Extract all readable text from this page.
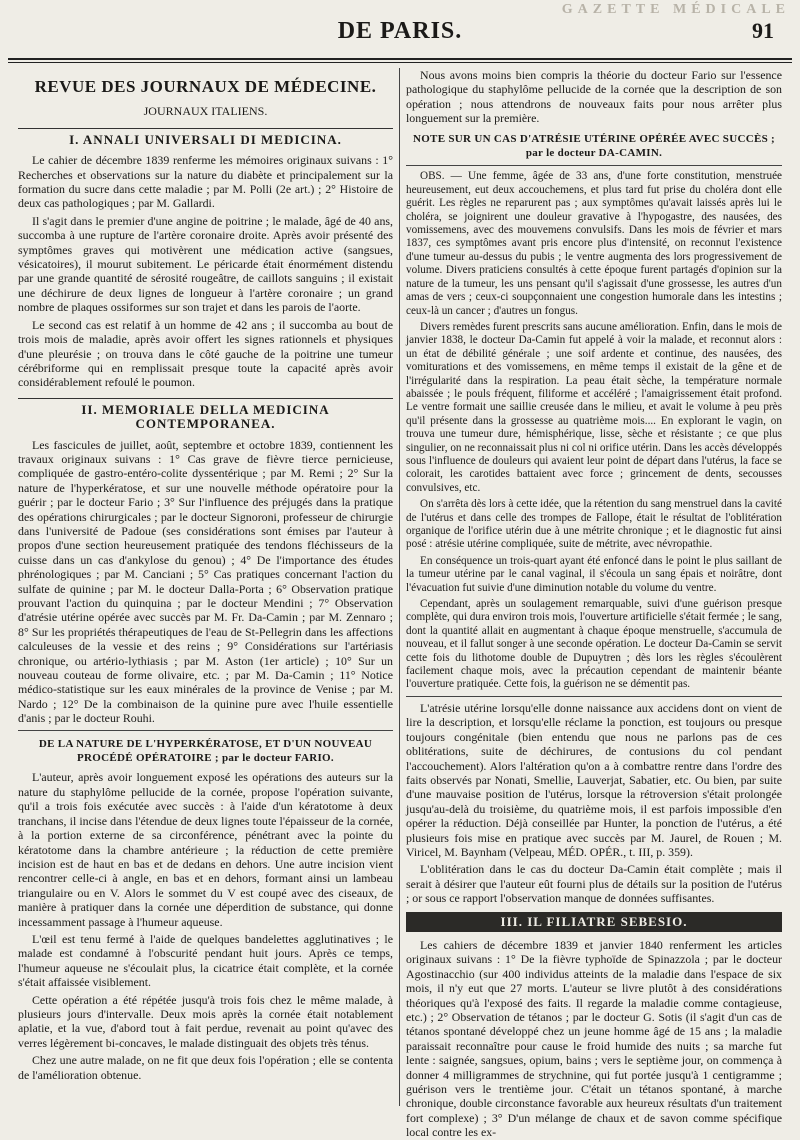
GAZETTE MÉDICALE
DE PARIS.	91
REVUE DES JOURNAUX DE MÉDECINE.
JOURNAUX ITALIENS.
I. ANNALI UNIVERSALI DI MEDICINA.

Le cahier de décembre 1839 renferme les mémoires originaux suivans : 1° Recherches et observations sur la nature du diabète et principalement sur la formation du sucre dans cette maladie ; par M. Polli (2e art.) ; 2° Histoire de deux cas pathologiques ; par M. Gallardi.

Il s'agit dans le premier d'une angine de poitrine ; le malade, âgé de 40 ans, succomba à une rupture de l'artère coronaire droite. Après avoir présenté des symptômes graves qui motivèrent une médication active (sangsues, vésicatoires), il mourut subitement. Le péricarde était énormément distendu par une grande quantité de sérosité rougeâtre, de caillots sanguins ; il existait une déchirure de deux lignes de longueur à l'artère coronaire ; un grand nombre de plaques ossiformes sur son trajet et dans les parois de l'aorte.

Le second cas est relatif à un homme de 42 ans ; il succomba au bout de trois mois de maladie, après avoir offert les signes rationnels et physiques d'une pleurésie ; on trouva dans le côté gauche de la poitrine une tumeur cérébriforme qui en remplissait presque toute la capacité après avoir considérablement refoulé le poumon.

II. MEMORIALE DELLA MEDICINA CONTEMPORANEA.

Les fascicules de juillet, août, septembre et octobre 1839, contiennent les travaux originaux suivans : 1° Cas grave de fièvre tierce pernicieuse, compliquée de gastro-entéro-colite dyssentérique ; par M. Remi ; 2° Sur la nature de l'hyperkératose, et sur une nouvelle méthode opératoire pour la guérir ; par le docteur Fario ; 3° Sur l'influence des préjugés dans la pratique des opérations chirurgicales ; par le docteur Signoroni, professeur de chirurgie dans l'université de Padoue (ses considérations sont émises par l'auteur à propos d'une section heureusement pratiquée des tendons fléchisseurs de la cuisse dans un cas d'ankylose du genou) ; 4° De l'importance des études phrénologiques ; par M. Canciani ; 5° Cas pratiques concernant l'action du sulfate de quinine ; par M. le docteur Dalla-Porta ; 6° Observation pratique prouvant l'action du quinquina ; par le docteur Mendini ; 7° Observation d'atrésie utérine opérée avec succès par M. Fr. Da-Camin ; par M. Zennaro ; 8° Sur les propriétés thérapeutiques de l'eau de St-Pellegrin dans les affections calculeuses de la vessie et des reins ; 9° Considérations sur l'artériasis chronique, ou artério-lythiasis ; par M. Aston (1er article) ; 10° Sur un nouveau couteau de forme olivaire, etc. ; par M. Da-Camin ; 11° Notice médico-statistique sur les eaux minérales de la province de Venise ; par M. Nardo ; 12° De la combinaison de la quinine pure avec l'huile essentielle d'anis ; par le docteur Rouhi.

DE LA NATURE DE L'HYPERKÉRATOSE, ET D'UN NOUVEAU PROCÉDÉ OPÉRATOIRE ; par le docteur FARIO.

L'auteur, après avoir longuement exposé les opérations des auteurs sur la nature du staphylôme pellucide de la cornée, propose l'opération suivante, qu'il a trois fois exécutée avec succès : à l'aide d'un kératotome à deux tranchans, il incise dans l'étendue de deux lignes toute l'épaisseur de la cornée, à la portion externe de sa circonférence, pénétrant avec la pointe du kératotome dans la chambre antérieure ; la réduction de cette première incision est de haut en bas et de dedans en dehors. Une autre incision vient rencontrer celle-ci à angle, en bas et en dehors, formant ainsi un lambeau triangulaire ou en V. Alors le sommet du V est coupé avec des ciseaux, de manière à pratiquer dans la cornée une déperdition de substance, qui donne incessamment passage à l'humeur aqueuse.

L'œil est tenu fermé à l'aide de quelques bandelettes agglutinatives ; le malade est condamné à l'obscurité pendant huit jours. Après ce temps, l'humeur aqueuse ne s'écoulait plus, la cicatrice était complète, et la cornée s'était affaissée visiblement.

Cette opération a été répétée jusqu'à trois fois chez le même malade, à plusieurs jours d'intervalle. Deux mois après la cornée était notablement aplatie, et la vue, d'abord tout à fait perdue, revenait au point qu'avec des verres légèrement bi-concaves, le malade distinguait des objets très ténus.

Chez une autre malade, on ne fit que deux fois l'opération ; elle se contenta de l'amélioration obtenue.

Nous avons moins bien compris la théorie du docteur Fario sur l'essence pathologique du staphylôme pellucide de la cornée que la description de son opération ; nous attendrons de nouveaux faits pour nous arrêter plus longuement sur la première.

NOTE SUR UN CAS D'ATRÉSIE UTÉRINE OPÉRÉE AVEC SUCCÈS ; par le docteur DA-CAMIN.

OBS. — Une femme, âgée de 33 ans, d'une forte constitution, menstruée heureusement, eut deux accouchemens, et plus tard fut prise du choléra dont elle guérit. Les règles ne reparurent pas ; aux symptômes qu'avait laissés après lui le choléra, se joignirent une douleur gravative à l'hypogastre, des nausées, des vomissemens, avec des mouvemens convulsifs. Dans les mois de février et mars 1837, ces symptômes avant pris encore plus d'intensité, on reconnut l'existence d'une tumeur au-dessus du pubis ; le ventre augmenta des lors progressivement de volume. Divers praticiens consultés à cette époque furent partagés d'opinion sur la nature de la tumeur, les uns pensant qu'il s'agissait d'une grossesse, les autres d'un amas de vers ; ceux-ci soupçonnaient une congestion humorale dans les intestins ; ceux-là un cancer ; d'autres un fongus.

Divers remèdes furent prescrits sans aucune amélioration. Enfin, dans le mois de janvier 1838, le docteur Da-Camin fut appelé à voir la malade, et reconnut alors : un état de débilité générale ; une soif ardente et continue, des nausées, des vomiturations et des vomissemens, en même temps il existait de la gêne et de l'irrégularité dans la respiration. La peau était sèche, la température normale abaissée ; le pouls fréquent, filiforme et accéléré ; l'amaigrissement était profond. Le ventre formait une saillie creusée dans le milieu, et avait le volume à peu près qu'il présente dans la grossesse au quatrième mois.... En explorant le vagin, on trouva une tumeur dure, hémisphérique, lisse, sèche et résistante ; ce que plus singulier, on ne reconnaissait plus ni col ni orifice utérin. Dans les accès développés sous l'influence de douleurs qui avaient leur point de départ dans l'utérus, la face se colorait, les carotides battaient avec force ; grincement de dents, secousses convulsives, etc.

On s'arrêta dès lors à cette idée, que la rétention du sang menstruel dans la cavité de l'utérus et dans celle des trompes de Fallope, était le résultat de l'oblitération organique de l'orifice utérin due à une métrite chronique ; et le diagnostic fut ainsi posé : atrésie utérine compliquée, suite de métrite, avec névropathie.

En conséquence un trois-quart ayant été enfoncé dans le point le plus saillant de la tumeur utérine par le canal vaginal, il s'écoula un sang épais et noirâtre, dont l'évacuation fut suivie d'une diminution notable du volume du ventre.

Cependant, après un soulagement remarquable, suivi d'une guérison presque complète, qui dura environ trois mois, l'ouverture artificielle s'était fermée ; le sang, dont la quantité allait en augmentant à chaque époque menstruelle, s'accumula de nouveau, et il fallut songer à une seconde opération. Le docteur Da-Camin se servit cette fois du lithotome double de Dupuytren ; dès lors les règles s'écoulèrent facilement chaque mois, avec la précaution cependant de maintenir béante l'ouverture pratiquée. Cette fois, la guérison ne se démentit pas.

L'atrésie utérine lorsqu'elle donne naissance aux accidens dont on vient de lire la description, et lorsqu'elle réclame la ponction, est toujours ou presque toujours congénitale (bien entendu que nous ne parlons pas de ces oblitérations, suite de déchirures, de contusions du col pendant l'accouchement). Alors l'altération qu'on a à combattre rentre dans l'ordre des faits observés par Nonati, Smellie, Lauverjat, Sabatier, etc. Ou bien, par suite d'une mauvaise position de l'utérus, lorsque la rétroversion s'était prolongée jusqu'au-delà du troisième, du quatrième mois, il est parfois impossible d'en opérer la réduction. Déjà conseillée par Hunter, la ponction de l'utérus, a été plusieurs fois mise en pratique avec succès par M. Jaurel, de Rouen ; M. Viricel, M. Baynham (Velpeau, MÉD. OPÉR., t. III, p. 359).

L'oblitération dans le cas du docteur Da-Camin était complète ; mais il serait à désirer que l'auteur eût fourni plus de détails sur la position de l'utérus ; or sous ce rapport l'observation manque de données suffisantes.

III. IL FILIATRE SEBESIO.

Les cahiers de décembre 1839 et janvier 1840 renferment les articles originaux suivans : 1° De la fièvre typhoïde de Spinazzola ; par le docteur Agostinacchio (sur 400 individus atteints de la maladie dans l'espace de six mois, il n'y eut que 27 morts. L'auteur se livre plutôt à des considérations théoriques qu'à l'exposé des faits. Il regarde la maladie comme contagieuse, etc.) ; 2° Observation de tétanos ; par le docteur G. Sotis (il s'agit d'un cas de tétanos spontané développé chez un jeune homme âgé de 15 ans ; la maladie paraissait reconnaître pour cause le froid humide des nuits ; sa marche fut lente : saignée, sangsues, opium, bains ; vers le septième jour, on commença à donner 4 milligrammes de strychnine, qui fut portée jusqu'à 1 centigramme ; guérison vers le trentième jour. C'était un tétanos spontané, à marche chronique, double circonstance favorable aux heureux résultats d'un traitement fort complexe) ; 3° D'un mélange de chaux et de savon comme spécifique local contre les ex-
